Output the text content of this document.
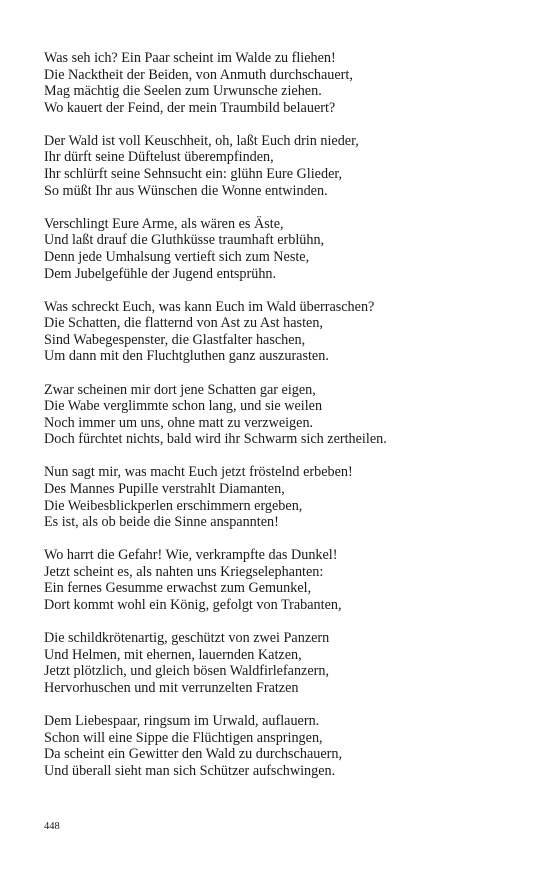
Was seh ich? Ein Paar scheint im Walde zu fliehen!
Die Nacktheit der Beiden, von Anmuth durchschauert,
Mag mächtig die Seelen zum Urwunsche ziehen.
Wo kauert der Feind, der mein Traumbild belauert?
Der Wald ist voll Keuschheit, oh, laßt Euch drin nieder,
Ihr dürft seine Düftelust überempfinden,
Ihr schlürft seine Sehnsucht ein: glühn Eure Glieder,
So müßt Ihr aus Wünschen die Wonne entwinden.
Verschlingt Eure Arme, als wären es Äste,
Und laßt drauf die Gluthküsse traumhaft erblühn,
Denn jede Umhalsung vertieft sich zum Neste,
Dem Jubelgefühle der Jugend entsprühn.
Was schreckt Euch, was kann Euch im Wald überraschen?
Die Schatten, die flatternd von Ast zu Ast hasten,
Sind Wabegespenster, die Glastfalter haschen,
Um dann mit den Fluchtgluthen ganz auszurasten.
Zwar scheinen mir dort jene Schatten gar eigen,
Die Wabe verglimmte schon lang, und sie weilen
Noch immer um uns, ohne matt zu verzweigen.
Doch fürchtet nichts, bald wird ihr Schwarm sich zertheilen.
Nun sagt mir, was macht Euch jetzt fröstelnd erbeben!
Des Mannes Pupille verstrahlt Diamanten,
Die Weibesblickperlen erschimmern ergeben,
Es ist, als ob beide die Sinne anspannten!
Wo harrt die Gefahr! Wie, verkrampfte das Dunkel!
Jetzt scheint es, als nahten uns Kriegselephanten:
Ein fernes Gesumme erwachst zum Gemunkel,
Dort kommt wohl ein König, gefolgt von Trabanten,
Die schildkrötenartig, geschützt von zwei Panzern
Und Helmen, mit ehernen, lauernden Katzen,
Jetzt plötzlich, und gleich bösen Waldfirlefanzern,
Hervorhuschen und mit verrunzelten Fratzen
Dem Liebespaar, ringsum im Urwald, auflauern.
Schon will eine Sippe die Flüchtigen anspringen,
Da scheint ein Gewitter den Wald zu durchschauern,
Und überall sieht man sich Schützer aufschwingen.
448
